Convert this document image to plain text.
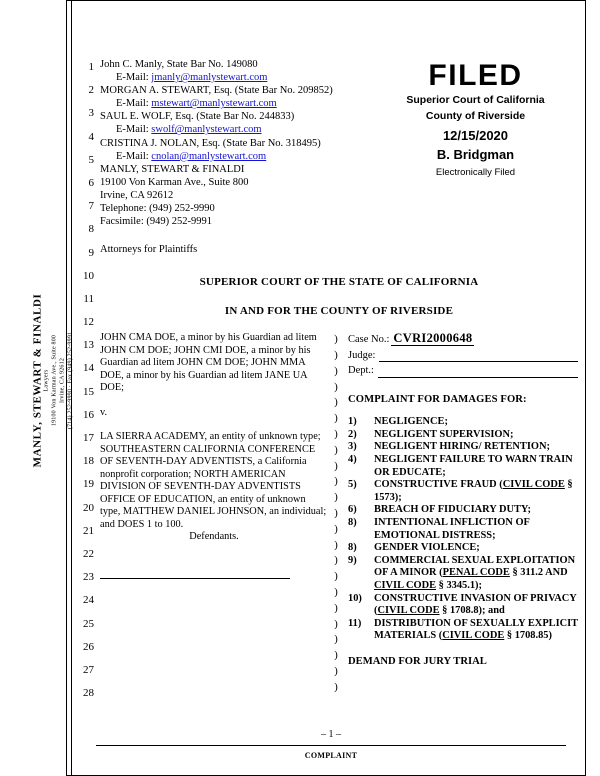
1
2
3
4
5
6
7
8
9
10
11
12
13
14
15
16
17
18
19
20
21
22
23
24
25
26
27
28
MANLY, STEWART & FINALDI Lawyers 19100 Von Karman Ave., Suite 800 Irvine, CA 92612 (714) 252-9990 · Fax (949) 252-9991
John C. Manly, State Bar No. 149080
E-Mail: jmanly@manlystewart.com
MORGAN A. STEWART, Esq. (State Bar No. 209852)
E-Mail: mstewart@manlystewart.com
SAUL E. WOLF, Esq. (State Bar No. 244833)
E-Mail: swolf@manlystewart.com
CRISTINA J. NOLAN, Esq. (State Bar No. 318495)
E-Mail: cnolan@manlystewart.com
MANLY, STEWART & FINALDI
19100 Von Karman Ave., Suite 800
Irvine, CA 92612
Telephone: (949) 252-9990
Facsimile: (949) 252-9991
FILED
Superior Court of California
County of Riverside
12/15/2020
B. Bridgman
Electronically Filed
Attorneys for Plaintiffs
SUPERIOR COURT OF THE STATE OF CALIFORNIA
IN AND FOR THE COUNTY OF RIVERSIDE

JOHN CMA DOE, a minor by his Guardian ad litem JOHN CM DOE; JOHN CMI DOE, a minor by his Guardian ad litem JOHN CM DOE; JOHN MMA DOE, a minor by his Guardian ad litem JANE UA DOE;

v.

LA SIERRA ACADEMY, an entity of unknown type; SOUTHEASTERN CALIFORNIA CONFERENCE OF SEVENTH-DAY ADVENTISTS, a California nonprofit corporation; NORTH AMERICAN DIVISION OF SEVENTH-DAY ADVENTISTS OFFICE OF EDUCATION, an entity of unknown type, MATTHEW DANIEL JOHNSON, an individual; and DOES 1 to 100.

Defendants.

)
)
)
)
)
)
)
)
)
)
)
)
)
)
)
)
)
)
)
)
)
)
)
Case No.: CVRI2000648
Judge:
Dept.:
COMPLAINT FOR DAMAGES FOR:
1)	NEGLIGENCE;
2)	NEGLIGENT SUPERVISION;
3)	NEGLIGENT HIRING/ RETENTION;
4)	NEGLIGENT FAILURE TO WARN TRAIN OR EDUCATE;
5)	CONSTRUCTIVE FRAUD (CIVIL CODE § 1573);
6)	BREACH OF FIDUCIARY DUTY;
8)	INTENTIONAL INFLICTION OF EMOTIONAL DISTRESS;
8)	GENDER VIOLENCE;
9)	COMMERCIAL SEXUAL EXPLOITATION OF A MINOR (PENAL CODE § 311.2 AND CIVIL CODE § 3345.1);
10)	CONSTRUCTIVE INVASION OF PRIVACY (CIVIL CODE § 1708.8); and
11)	DISTRIBUTION OF SEXUALLY EXPLICIT MATERIALS (CIVIL CODE § 1708.85)
DEMAND FOR JURY TRIAL
– 1 –
COMPLAINT
